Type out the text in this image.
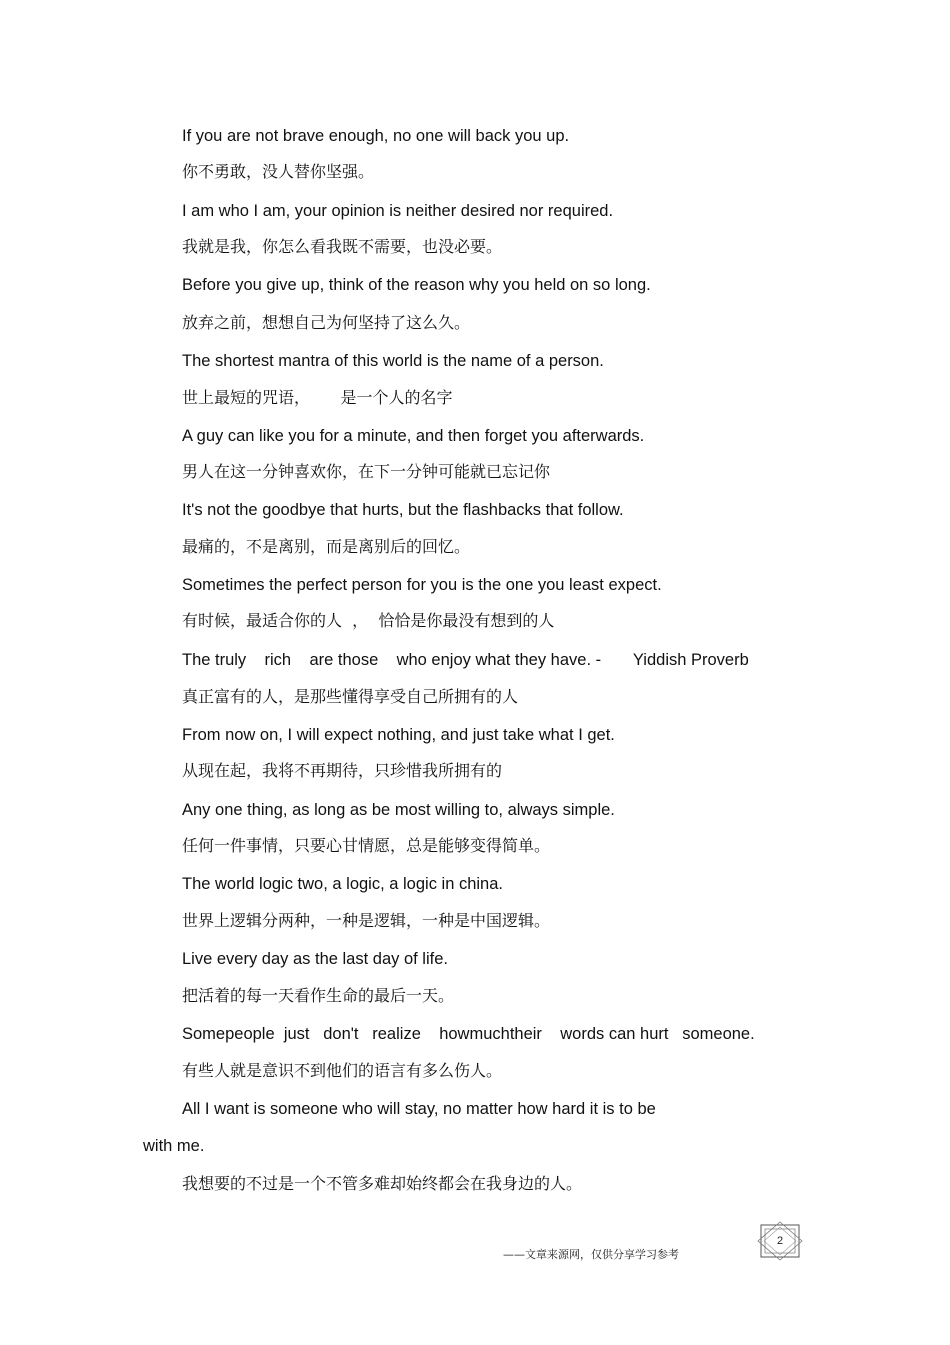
If you are not brave enough, no one will back you up.
你不勇敢，没人替你坚强。
I am who I am, your opinion is neither desired nor required.
我就是我，你怎么看我既不需要，也没必要。
Before you give up, think of the reason why you held on so long.
放弃之前，想想自己为何坚持了这么久。
The shortest mantra of this world is the name of a person.
世上最短的咒语，      是一个人的名字
A guy can like you for a minute, and then forget you afterwards.
男人在这一分钟喜欢你，在下一分钟可能就已忘记你
It's not the goodbye that hurts, but the flashbacks that follow.
最痛的，不是离别，而是离别后的回忆。
Sometimes the perfect person for you is the one you least expect.
有时候，最适合你的人  ，  恰恰是你最没有想到的人
The truly    rich    are those    who enjoy what they have. -       Yiddish Proverb
真正富有的人，是那些懂得享受自己所拥有的人
From now on, I will expect nothing, and just take what I get.
从现在起，我将不再期待，只珍惜我所拥有的
Any one thing, as long as be most willing to, always simple.
任何一件事情，只要心甘情愿，总是能够变得简单。
The world logic two, a logic, a logic in china.
世界上逻辑分两种，一种是逻辑，一种是中国逻辑。
Live every day as the last day of life.
把活着的每一天看作生命的最后一天。
Somepeople  just   don't   realize    howmuchtheir    words can hurt   someone.
有些人就是意识不到他们的语言有多么伤人。
All I want is someone who will stay, no matter how hard it is to be
with me.
我想要的不过是一个不管多难却始终都会在我身边的人。
——文章来源网，仅供分享学习参考
2
